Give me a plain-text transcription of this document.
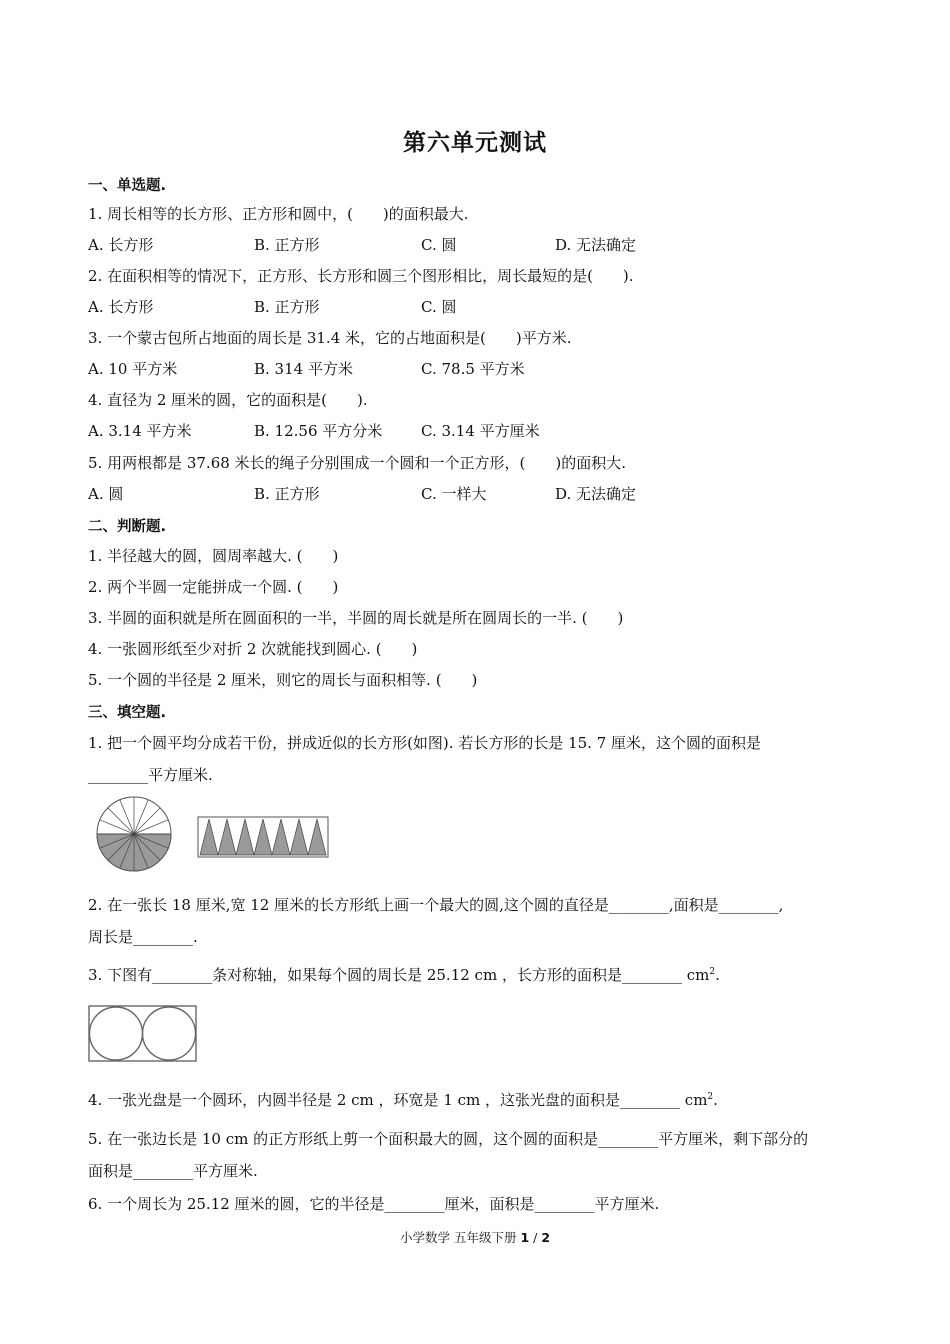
第六单元测试
一、单选题.
1. 周长相等的长方形、正方形和圆中，(　　)的面积最大.
A. 长方形	B. 正方形	C. 圆	D. 无法确定
2. 在面积相等的情况下，正方形、长方形和圆三个图形相比，周长最短的是(　　).
A. 长方形	B. 正方形	C. 圆
3. 一个蒙古包所占地面的周长是 31.4 米，它的占地面积是(　　)平方米.
A. 10 平方米	B. 314 平方米	C. 78.5 平方米
4. 直径为 2 厘米的圆，它的面积是(　　).
A. 3.14 平方米	B. 12.56 平方分米	C. 3.14 平方厘米
5. 用两根都是 37.68 米长的绳子分别围成一个圆和一个正方形，(　　)的面积大.
A. 圆	B. 正方形	C. 一样大	D. 无法确定
二、判断题.
1. 半径越大的圆，圆周率越大. (　　)
2. 两个半圆一定能拼成一个圆. (　　)
3. 半圆的面积就是所在圆面积的一半，半圆的周长就是所在圆周长的一半. (　　)
4. 一张圆形纸至少对折 2 次就能找到圆心. (　　)
5. 一个圆的半径是 2 厘米，则它的周长与面积相等. (　　)
三、填空题.
1. 把一个圆平均分成若干份，拼成近似的长方形(如图). 若长方形的长是 15. 7 厘米，这个圆的面积是
________平方厘米.
2. 在一张长 18 厘米,宽 12 厘米的长方形纸上画一个最大的圆,这个圆的直径是________,面积是________,
周长是________.
3. 下图有________条对称轴，如果每个圆的周长是 25.12 cm ，长方形的面积是________ $cm^2$.
4. 一张光盘是一个圆环，内圆半径是 2 cm ，环宽是 1 cm ，这张光盘的面积是________ $cm^2$.
5. 在一张边长是 10 cm 的正方形纸上剪一个面积最大的圆，这个圆的面积是________平方厘米，剩下部分的
面积是________平方厘米.
6. 一个周长为 25.12 厘米的圆，它的半径是________厘米，面积是________平方厘米.
小学数学 五年级下册 1 / 2
